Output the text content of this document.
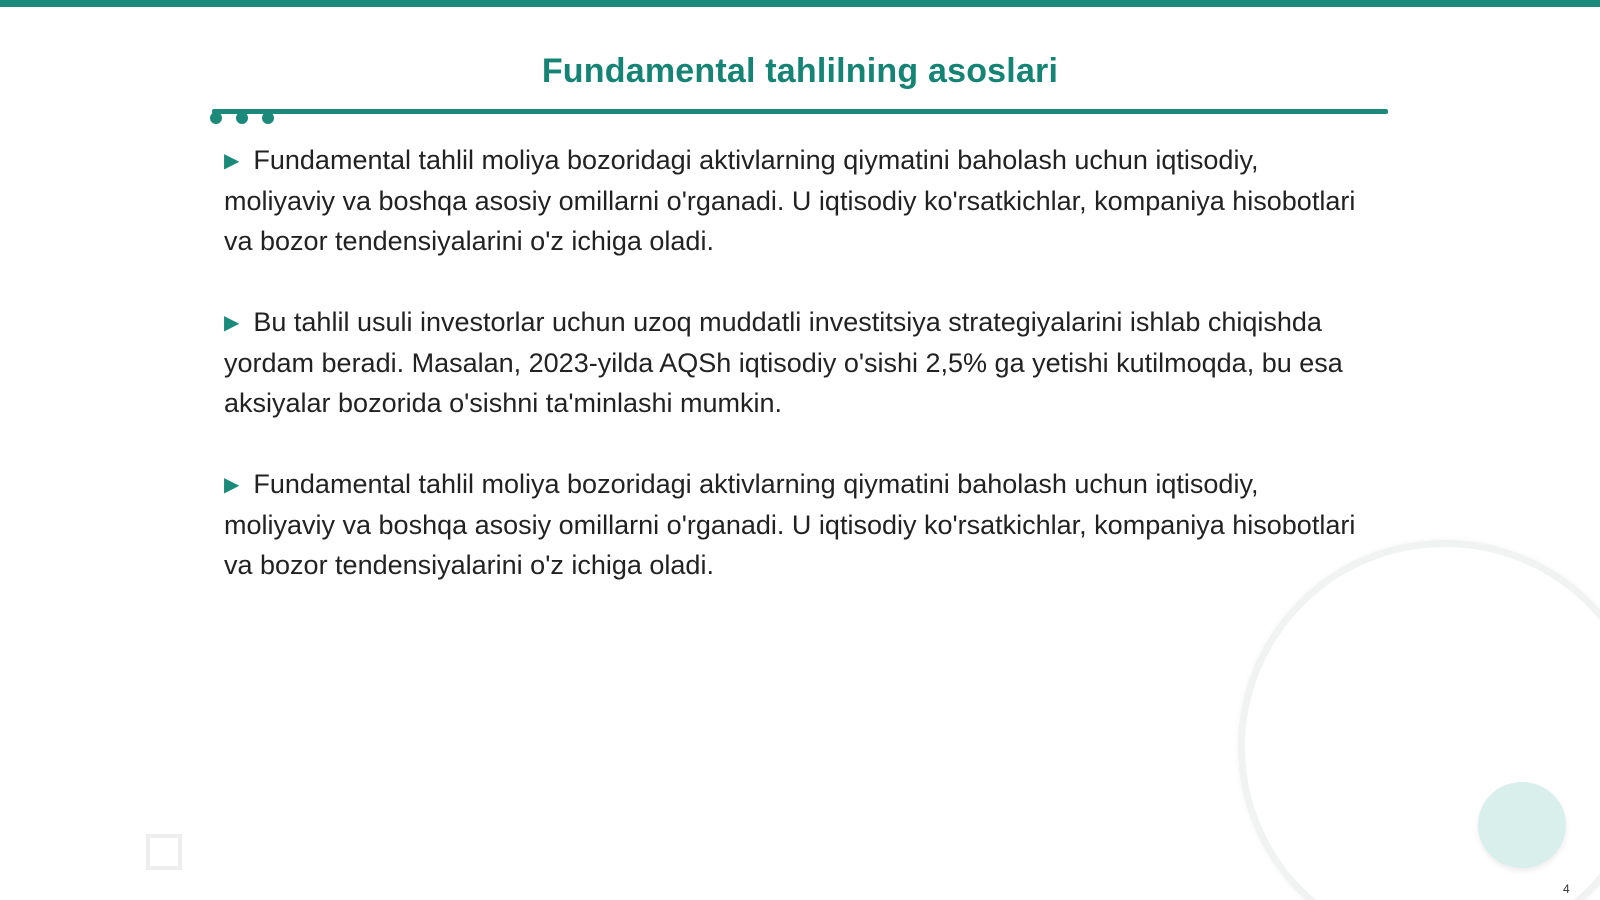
Fundamental tahlilning asoslari

▶ Fundamental tahlil moliya bozoridagi aktivlarning qiymatini baholash uchun iqtisodiy, moliyaviy va boshqa asosiy omillarni o'rganadi. U iqtisodiy ko'rsatkichlar, kompaniya hisobotlari va bozor tendensiyalarini o'z ichiga oladi.

▶ Bu tahlil usuli investorlar uchun uzoq muddatli investitsiya strategiyalarini ishlab chiqishda yordam beradi. Masalan, 2023-yilda AQSh iqtisodiy o'sishi 2,5% ga yetishi kutilmoqda, bu esa aksiyalar bozorida o'sishni ta'minlashi mumkin.

▶ Fundamental tahlil moliya bozoridagi aktivlarning qiymatini baholash uchun iqtisodiy, moliyaviy va boshqa asosiy omillarni o'rganadi. U iqtisodiy ko'rsatkichlar, kompaniya hisobotlari va bozor tendensiyalarini o'z ichiga oladi.

4
